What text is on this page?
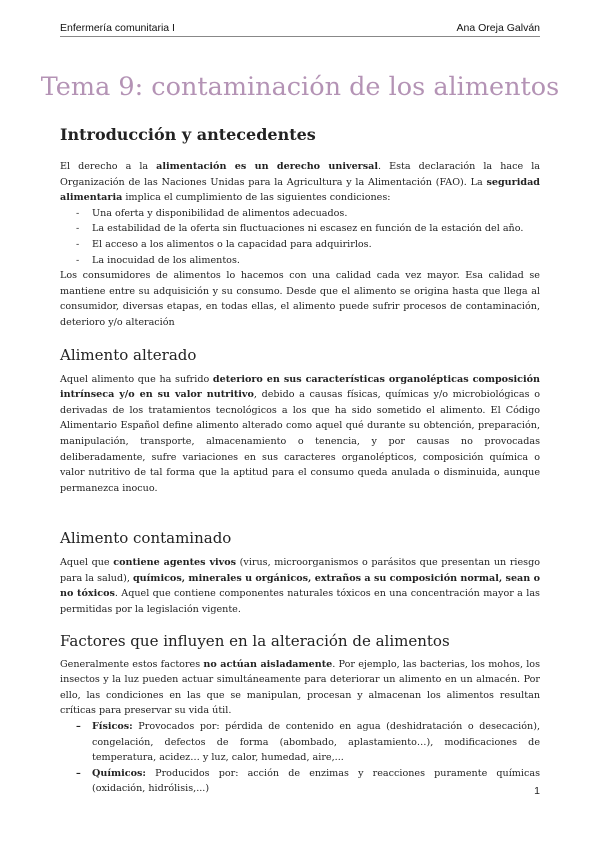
Enfermería comunitaria I	Ana Oreja Galván
Tema 9: contaminación de los alimentos
Introducción y antecedentes

El derecho a la alimentación es un derecho universal. Esta declaración la hace la Organización de las Naciones Unidas para la Agricultura y la Alimentación (FAO). La seguridad alimentaria implica el cumplimiento de las siguientes condiciones:

- Una oferta y disponibilidad de alimentos adecuados.
- La estabilidad de la oferta sin fluctuaciones ni escasez en función de la estación del año.
- El acceso a los alimentos o la capacidad para adquirirlos.
- La inocuidad de los alimentos.

Los consumidores de alimentos lo hacemos con una calidad cada vez mayor. Esa calidad se mantiene entre su adquisición y su consumo. Desde que el alimento se origina hasta que llega al consumidor, diversas etapas, en todas ellas, el alimento puede sufrir procesos de contaminación, deterioro y/o alteración

Alimento alterado

Aquel alimento que ha sufrido deterioro en sus características organolépticas composición intrínseca y/o en su valor nutritivo, debido a causas físicas, químicas y/o microbiológicas o derivadas de los tratamientos tecnológicos a los que ha sido sometido el alimento. El Código Alimentario Español define alimento alterado como aquel qué durante su obtención, preparación, manipulación, transporte, almacenamiento o tenencia, y por causas no provocadas deliberadamente, sufre variaciones en sus caracteres organolépticos, composición química o valor nutritivo de tal forma que la aptitud para el consumo queda anulada o disminuida, aunque permanezca inocuo.

Alimento contaminado

Aquel que contiene agentes vivos (virus, microorganismos o parásitos que presentan un riesgo para la salud), químicos, minerales u orgánicos, extraños a su composición normal, sean o no tóxicos. Aquel que contiene componentes naturales tóxicos en una concentración mayor a las permitidas por la legislación vigente.

Factores que influyen en la alteración de alimentos

Generalmente estos factores no actúan aisladamente. Por ejemplo, las bacterias, los mohos, los insectos y la luz pueden actuar simultáneamente para deteriorar un alimento en un almacén. Por ello, las condiciones en las que se manipulan, procesan y almacenan los alimentos resultan críticas para preservar su vida útil.

– Físicos: Provocados por: pérdida de contenido en agua (deshidratación o desecación), congelación, defectos de forma (abombado, aplastamiento…), modificaciones de temperatura, acidez… y luz, calor, humedad, aire,...
– Químicos: Producidos por: acción de enzimas y reacciones puramente químicas (oxidación, hidrólisis,...)	1
